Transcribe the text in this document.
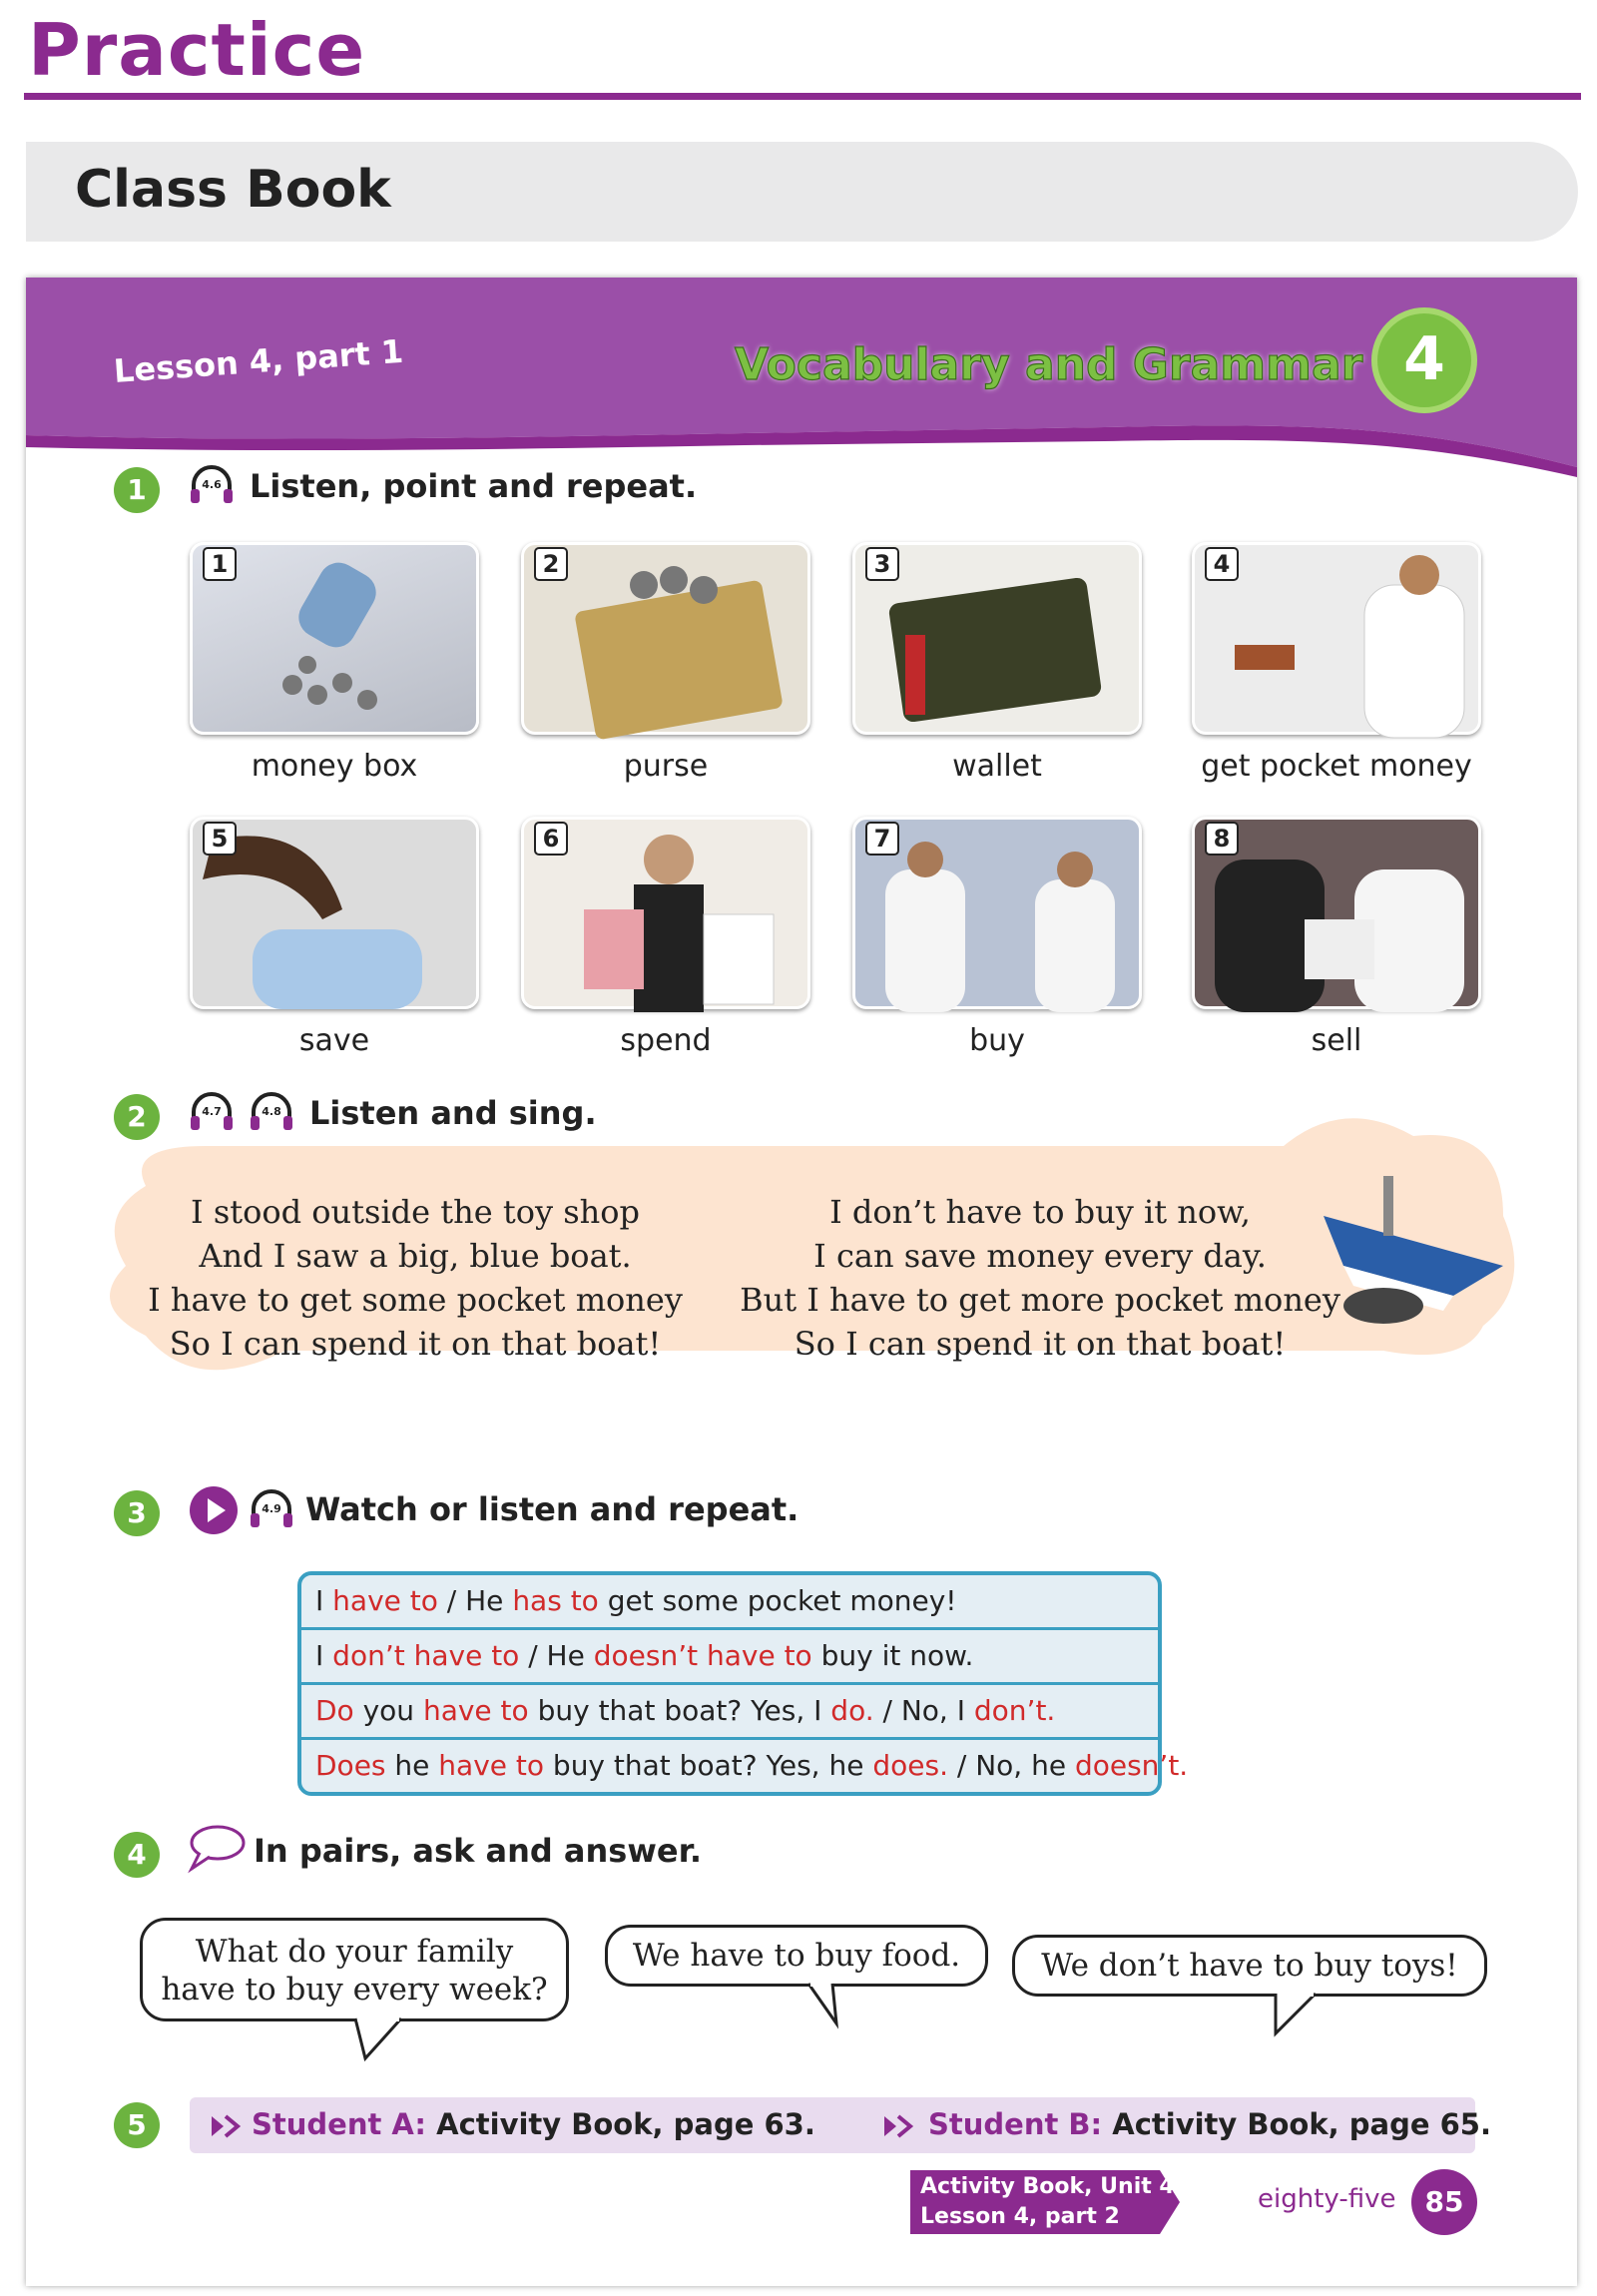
Practice
Class Book
Lesson 4, part 1	Vocabulary and Grammar 4
1	4.6 Listen, point and repeat.
1	2	3	4
5	6	7	8
money box	purse	wallet	get pocket money
save	spend	buy	sell
2	4.7	4.8 Listen and sing.
I stood outside the toy shop
And I saw a big, blue boat.
I have to get some pocket money
So I can spend it on that boat!
I don’t have to buy it now,
I can save money every day.
But I have to get more pocket money
So I can spend it on that boat!
3	4.9 Watch or listen and repeat.
I have to / He has to get some pocket money!
I don’t have to / He doesn’t have to buy it now.
Do you have to buy that boat? Yes, I do. / No, I don’t.
Does he have to buy that boat? Yes, he does. / No, he doesn’t.
4	In pairs, ask and answer.
What do your family
have to buy every week?
We have to buy food.	We don’t have to buy toys!
5	Student A: Activity Book, page 63.	Student B: Activity Book, page 65.
Activity Book, Unit 4
Lesson 4, part 2
eighty-five	85
